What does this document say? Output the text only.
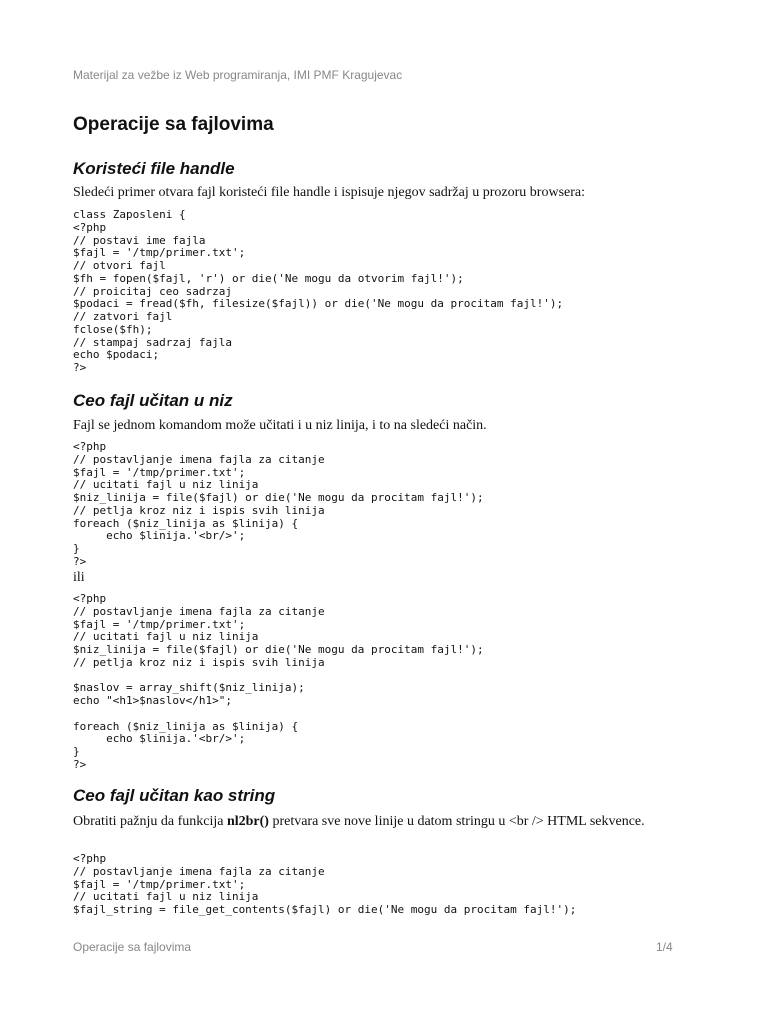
Materijal za vežbe iz Web programiranja, IMI PMF Kragujevac
Operacije sa fajlovima
Koristeći file handle

Sledeći primer otvara fajl koristeći file handle i ispisuje njegov sadržaj u prozoru browsera:

class Zaposleni {
<?php
// postavi ime fajla
$fajl = '/tmp/primer.txt';
// otvori fajl
$fh = fopen($fajl, 'r') or die('Ne mogu da otvorim fajl!');
// proicitaj ceo sadrzaj
$podaci = fread($fh, filesize($fajl)) or die('Ne mogu da procitam fajl!');
// zatvori fajl
fclose($fh);
// stampaj sadrzaj fajla
echo $podaci;
?>
Ceo fajl učitan u niz

Fajl se jednom komandom može učitati i u niz linija, i to na sledeći način.

<?php
// postavljanje imena fajla za citanje
$fajl = '/tmp/primer.txt';
// ucitati fajl u niz linija
$niz_linija = file($fajl) or die('Ne mogu da procitam fajl!');
// petlja kroz niz i ispis svih linija
foreach ($niz_linija as $linija) {
echo $linija.'<br/>';
}
?>

ili

<?php
// postavljanje imena fajla za citanje
$fajl = '/tmp/primer.txt';
// ucitati fajl u niz linija
$niz_linija = file($fajl) or die('Ne mogu da procitam fajl!');
// petlja kroz niz i ispis svih linija

$naslov = array_shift($niz_linija);
echo "<h1>$naslov</h1>";

foreach ($niz_linija as $linija) {
echo $linija.'<br/>';
}
?>
Ceo fajl učitan kao string

Obratiti pažnju da funkcija nl2br() pretvara sve nove linije u datom stringu u <br /> HTML sekvence.

<?php
// postavljanje imena fajla za citanje
$fajl = '/tmp/primer.txt';
// ucitati fajl u niz linija
$fajl_string = file_get_contents($fajl) or die('Ne mogu da procitam fajl!');
Operacije sa fajlovima	1/4
